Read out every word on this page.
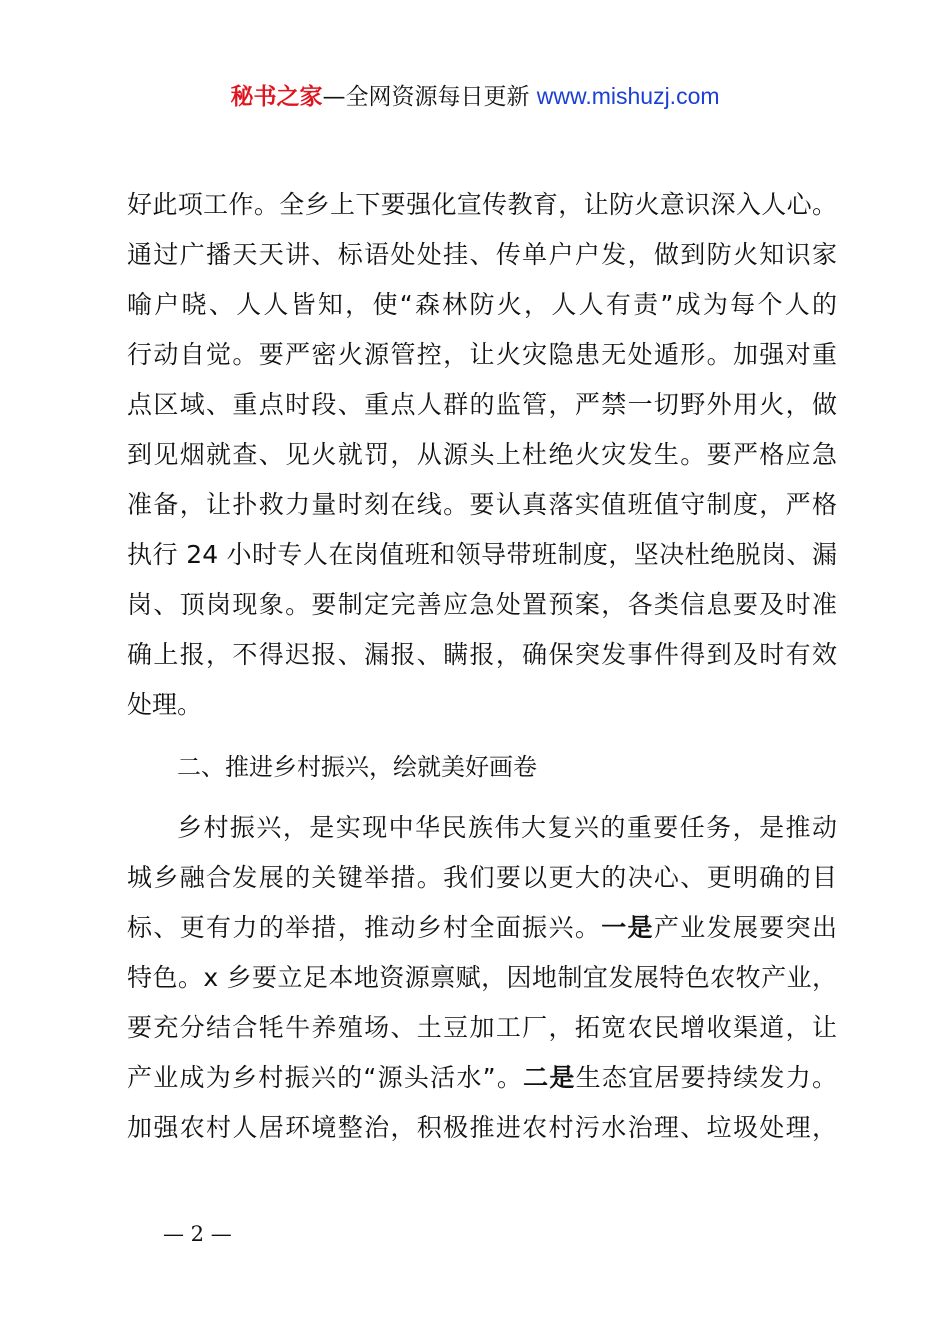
秘书之家—全网资源每日更新 www.mishuzj.com
好此项工作。全乡上下要强化宣传教育，让防火意识深入人心。
通过广播天天讲、标语处处挂、传单户户发，做到防火知识家
喻户晓、人人皆知，使“森林防火，人人有责”成为每个人的
行动自觉。要严密火源管控，让火灾隐患无处遁形。加强对重
点区域、重点时段、重点人群的监管，严禁一切野外用火，做
到见烟就查、见火就罚，从源头上杜绝火灾发生。要严格应急
准备，让扑救力量时刻在线。要认真落实值班值守制度，严格
执行 24 小时专人在岗值班和领导带班制度，坚决杜绝脱岗、漏
岗、顶岗现象。要制定完善应急处置预案，各类信息要及时准
确上报，不得迟报、漏报、瞒报，确保突发事件得到及时有效
处理。
二、推进乡村振兴，绘就美好画卷
乡村振兴，是实现中华民族伟大复兴的重要任务，是推动
城乡融合发展的关键举措。我们要以更大的决心、更明确的目
标、更有力的举措，推动乡村全面振兴。一是产业发展要突出
特色。x 乡要立足本地资源禀赋，因地制宜发展特色农牧产业，
要充分结合牦牛养殖场、土豆加工厂，拓宽农民增收渠道，让
产业成为乡村振兴的“源头活水”。二是生态宜居要持续发力。
加强农村人居环境整治，积极推进农村污水治理、垃圾处理，
— 2 —
